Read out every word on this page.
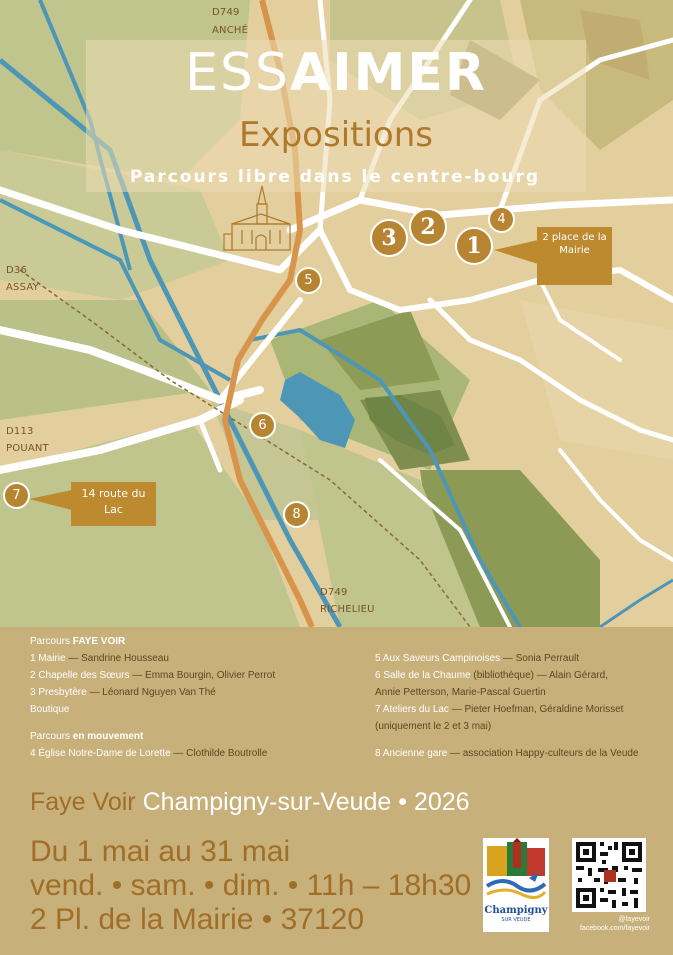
D749
ANCHÉ
D36
ASSAY
D113
POUANT
D749
RICHELIEU
ESSAIMER
Expositions
Parcours libre dans le centre-bourg
3	2
1
4
5
6
7
8
2 place de la Mairie
14 route du Lac
Parcours FAYE VOIR
1 Mairie — Sandrine Housseau
2 Chapelle des Sœurs — Emma Bourgin, Olivier Perrot
3 Presbytère — Léonard Nguyen Van Thé
Boutique
Parcours en mouvement
4 Église Notre-Dame de Lorette — Clothilde Boutrolle
5 Aux Saveurs Campinoises — Sonia Perrault
6 Salle de la Chaume (bibliothèque) — Alain Gérard,
Annie Petterson, Marie-Pascal Guertin
7 Ateliers du Lac — Pieter Hoefman, Géraldine Morisset
(uniquement le 2 et 3 mai)
8 Ancienne gare — association Happy-culteurs de la Veude
Faye Voir Champigny-sur-Veude • 2026
Du 1 mai au 31 mai
vend. • sam. • dim. • 11h – 18h30
2 Pl. de la Mairie • 37120	Champigny
SUR VEUDE	@fayevoir
facebook.com/fayevoir
